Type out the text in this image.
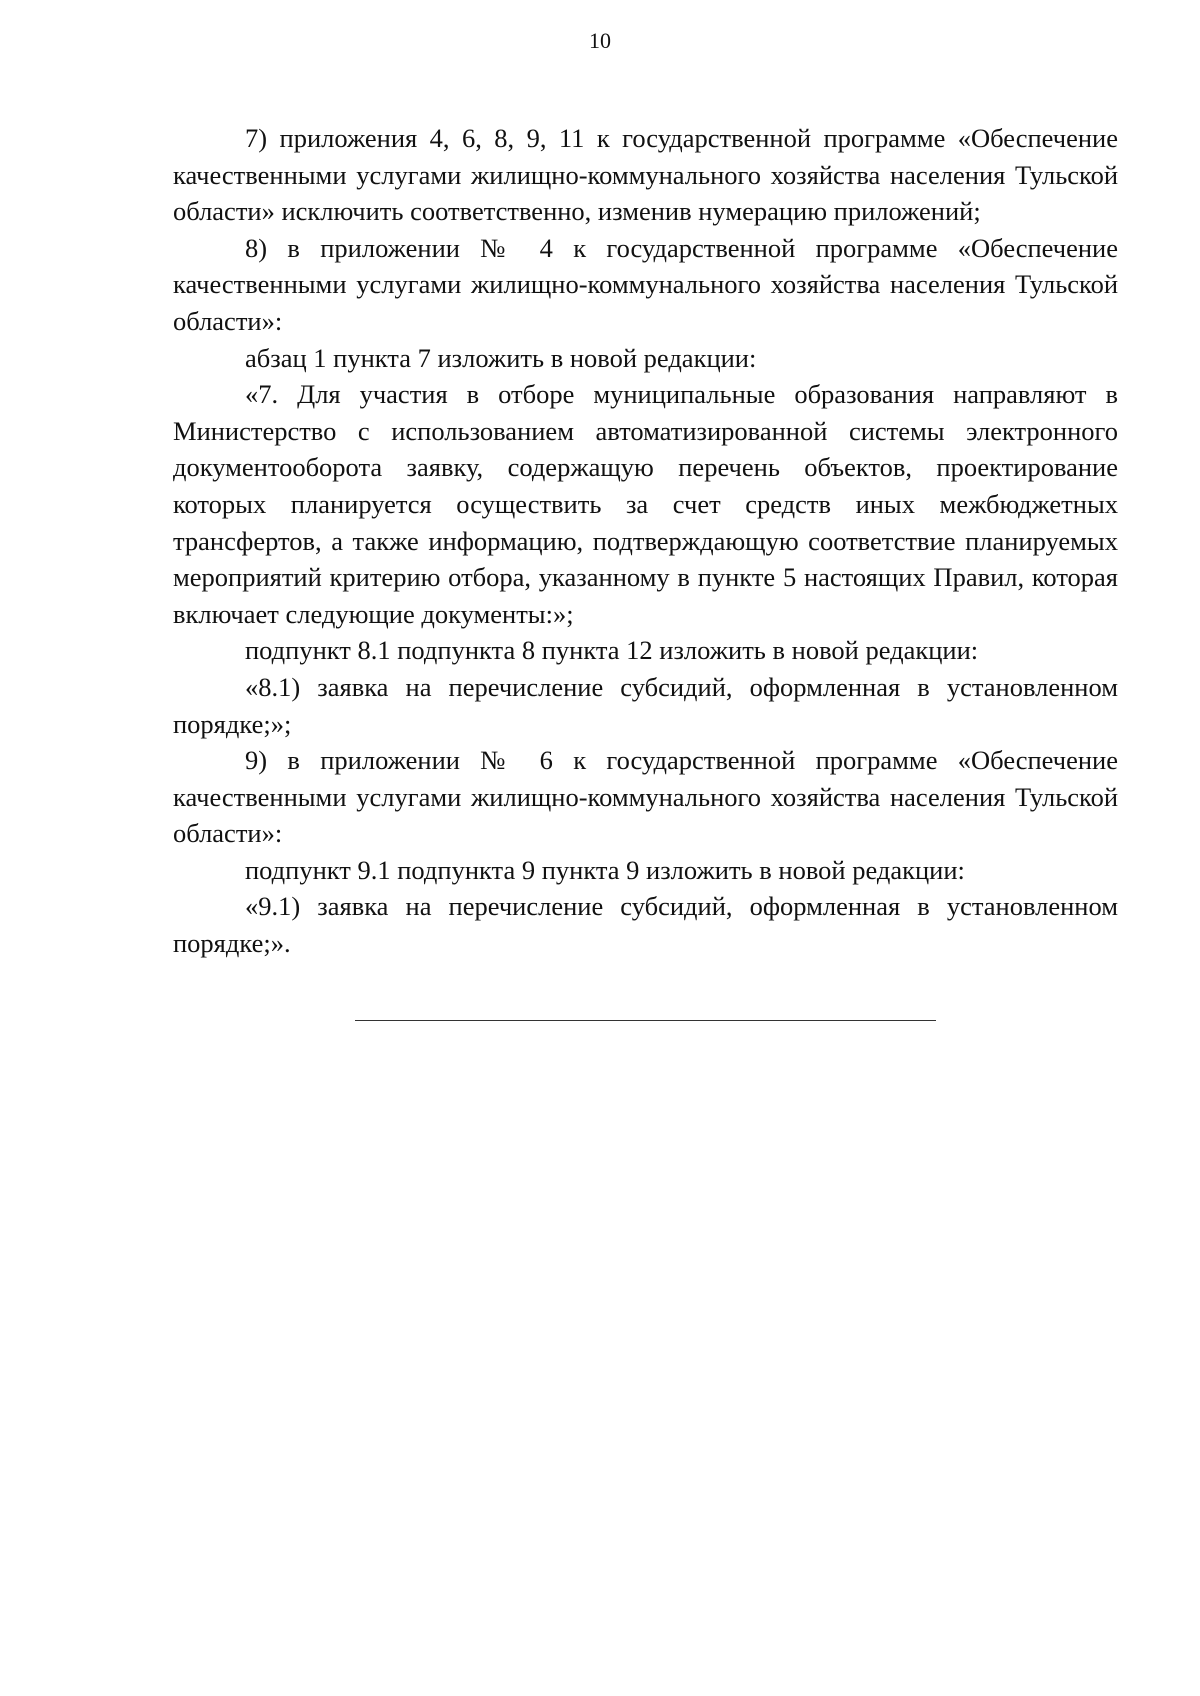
10

7) приложения 4, 6, 8, 9, 11 к государственной программе «Обеспечение качественными услугами жилищно-коммунального хозяйства населения Тульской области» исключить соответственно, изменив нумерацию приложений;

8) в приложении № 4 к государственной программе «Обеспечение качественными услугами жилищно-коммунального хозяйства населения Тульской области»:

абзац 1 пункта 7 изложить в новой редакции:

«7. Для участия в отборе муниципальные образования направляют в Министерство с использованием автоматизированной системы электронного документооборота заявку, содержащую перечень объектов, проектирование которых планируется осуществить за счет средств иных межбюджетных трансфертов, а также информацию, подтверждающую соответствие планируемых мероприятий критерию отбора, указанному в пункте 5 настоящих Правил, которая включает следующие документы:»;

подпункт 8.1 подпункта 8 пункта 12 изложить в новой редакции:

«8.1) заявка на перечисление субсидий, оформленная в установленном порядке;»;

9) в приложении № 6 к государственной программе «Обеспечение качественными услугами жилищно-коммунального хозяйства населения Тульской области»:

подпункт 9.1 подпункта 9 пункта 9 изложить в новой редакции:

«9.1) заявка на перечисление субсидий, оформленная в установленном порядке;».
